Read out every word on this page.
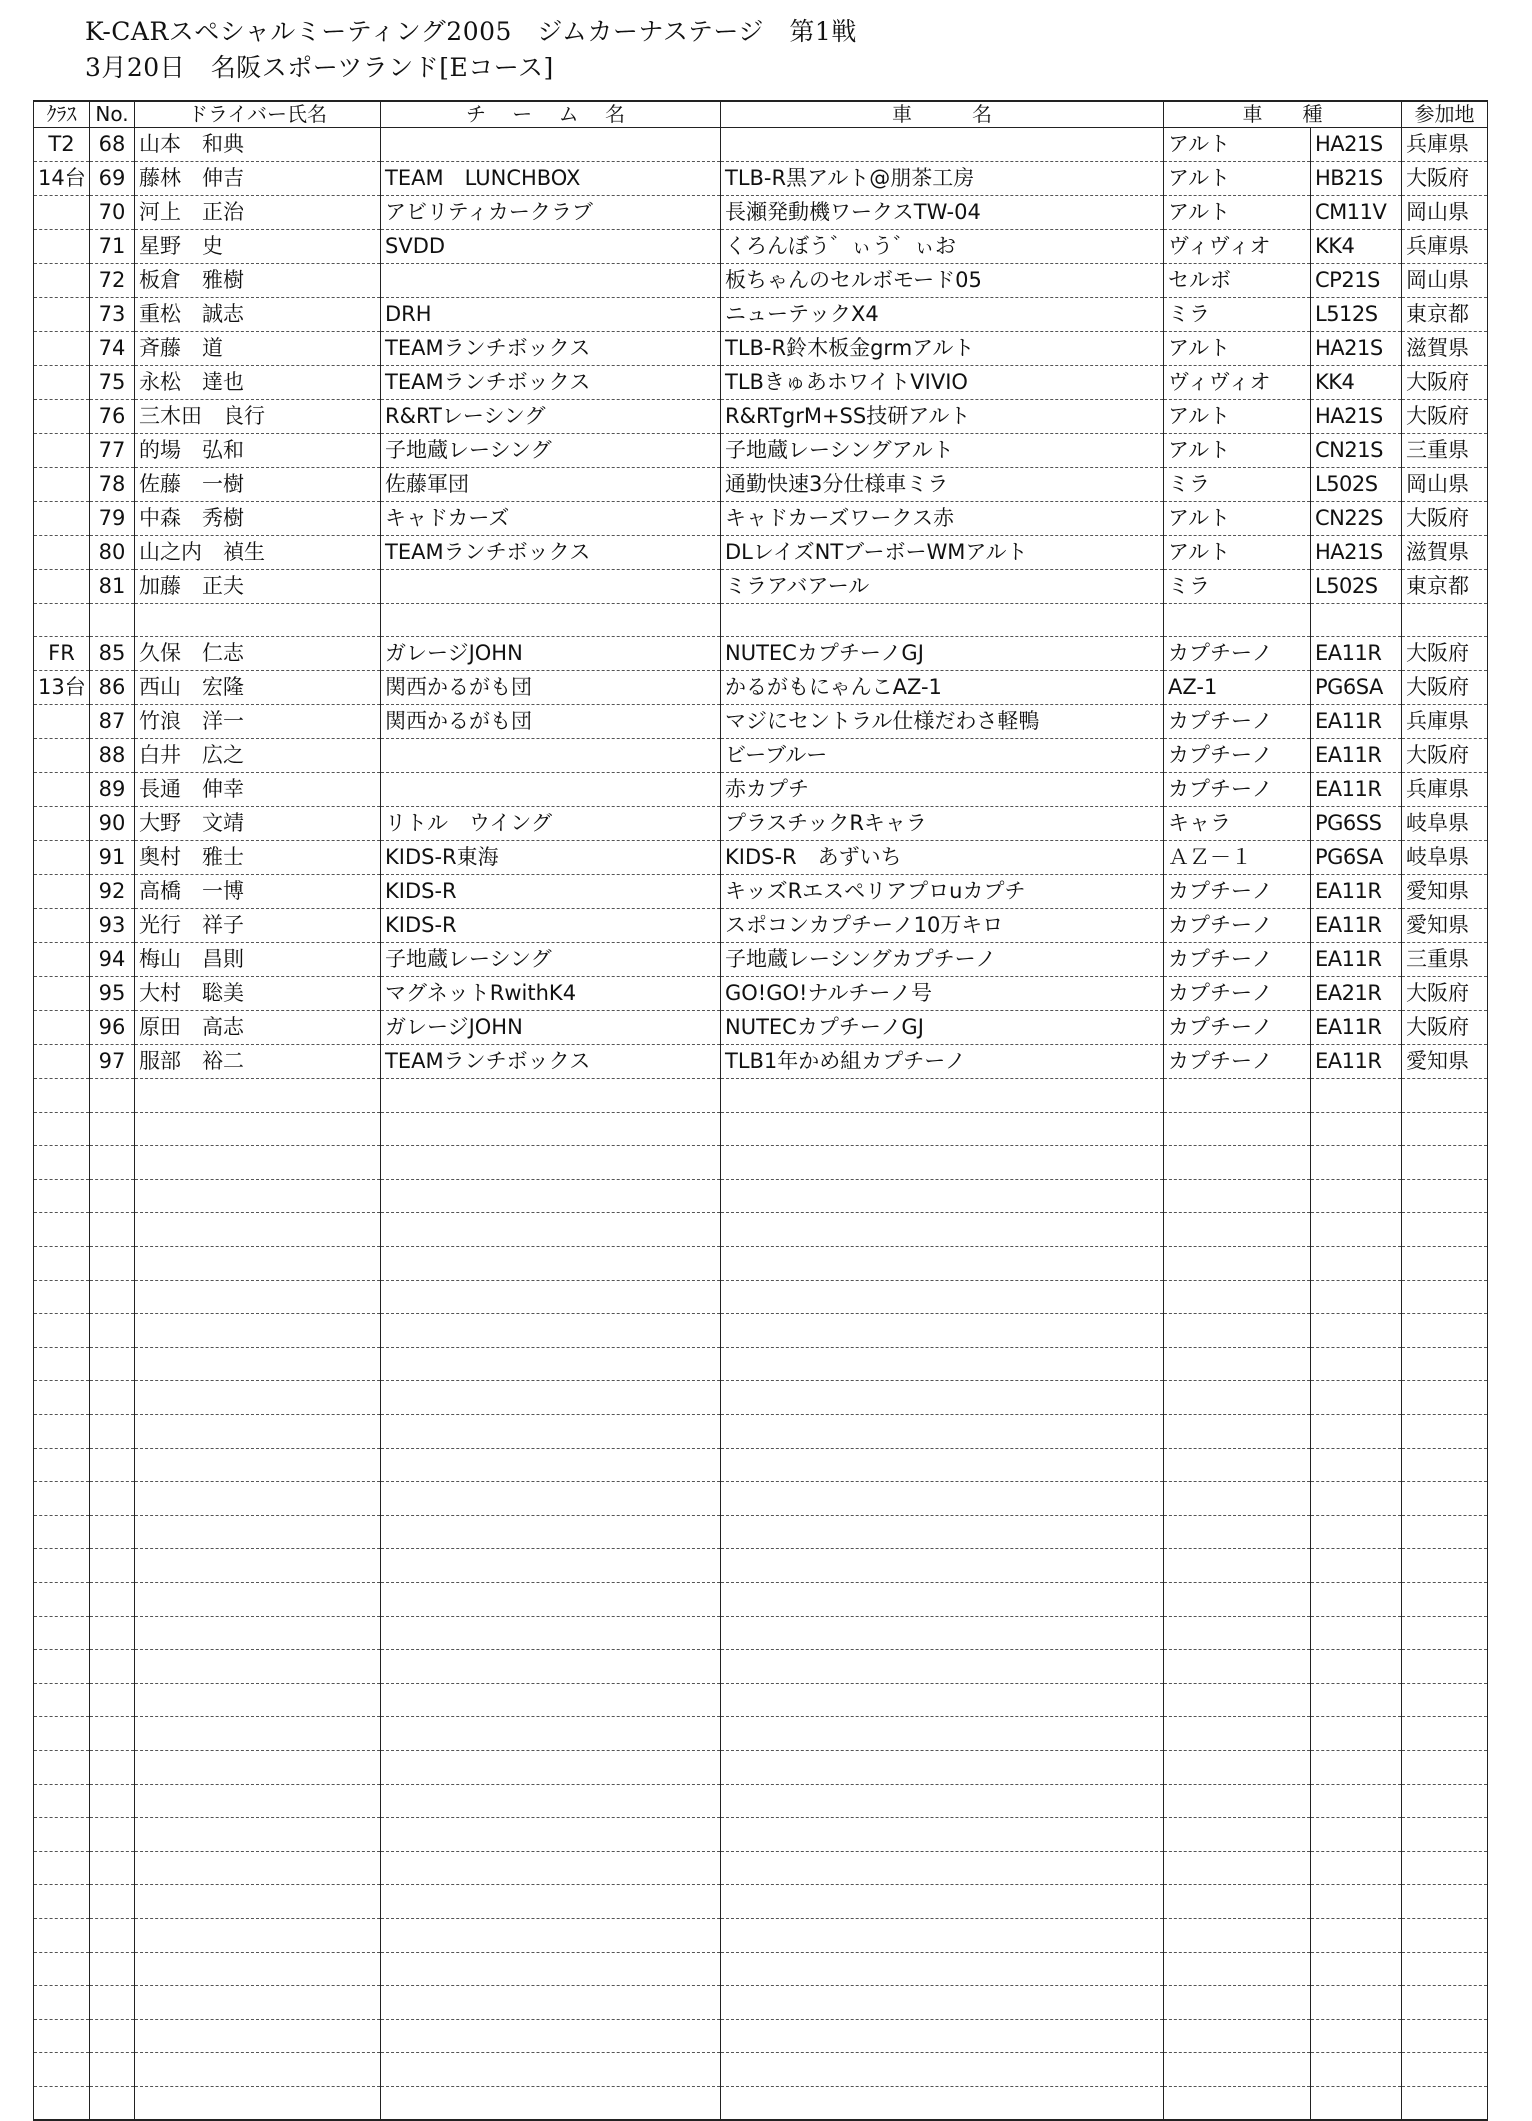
K-CARスペシャルミーティング2005　ジムカーナステージ　第1戦
3月20日　名阪スポーツランド[Eコース]
ｸﾗｽ	No.	ドライバー氏名	チ ー ム 名	車　　　名	車　　種		参加地
T2	68	山本　和典			アルト	HA21S	兵庫県
14台	69	藤林　伸吉	TEAM　LUNCHBOX	TLB-R黒アルト@朋茶工房	アルト	HB21S	大阪府
	70	河上　正治	アビリティカークラブ	長瀬発動機ワークスTW-04	アルト	CM11V	岡山県
	71	星野　史	SVDD	くろんぼう゛ぃう゛ぃお	ヴィヴィオ	KK4	兵庫県
	72	板倉　雅樹		板ちゃんのセルボモード05	セルボ	CP21S	岡山県
	73	重松　誠志	DRH	ニューテックX4	ミラ	L512S	東京都
	74	斉藤　道	TEAMランチボックス	TLB-R鈴木板金grmアルト	アルト	HA21S	滋賀県
	75	永松　達也	TEAMランチボックス	TLBきゅあホワイトVIVIO	ヴィヴィオ	KK4	大阪府
	76	三木田　良行	R&RTレーシング	R&RTgrM+SS技研アルト	アルト	HA21S	大阪府
	77	的場　弘和	子地蔵レーシング	子地蔵レーシングアルト	アルト	CN21S	三重県
	78	佐藤　一樹	佐藤軍団	通勤快速3分仕様車ミラ	ミラ	L502S	岡山県
	79	中森　秀樹	キャドカーズ	キャドカーズワークス赤	アルト	CN22S	大阪府
	80	山之内　禎生	TEAMランチボックス	DLレイズNTブーボーWMアルト	アルト	HA21S	滋賀県
	81	加藤　正夫		ミラアバアール	ミラ	L502S	東京都

FR	85	久保　仁志	ガレージJOHN	NUTECカプチーノGJ	カプチーノ	EA11R	大阪府
13台	86	西山　宏隆	関西かるがも団	かるがもにゃんこAZ-1	AZ-1	PG6SA	大阪府
	87	竹浪　洋一	関西かるがも団	マジにセントラル仕様だわさ軽鴨	カプチーノ	EA11R	兵庫県
	88	白井　広之		ビーブルー	カプチーノ	EA11R	大阪府
	89	長通　伸幸		赤カプチ	カプチーノ	EA11R	兵庫県
	90	大野　文靖	リトル　ウイング	プラスチックRキャラ	キャラ	PG6SS	岐阜県
	91	奥村　雅士	KIDS-R東海	KIDS-R　あずいち	ＡＺ－１	PG6SA	岐阜県
	92	高橋　一博	KIDS-R	キッズRエスペリアプロuカプチ	カプチーノ	EA11R	愛知県
	93	光行　祥子	KIDS-R	スポコンカプチーノ10万キロ	カプチーノ	EA11R	愛知県
	94	梅山　昌則	子地蔵レーシング	子地蔵レーシングカプチーノ	カプチーノ	EA11R	三重県
	95	大村　聡美	マグネットRwithK4	GO!GO!ナルチーノ号	カプチーノ	EA21R	大阪府
	96	原田　高志	ガレージJOHN	NUTECカプチーノGJ	カプチーノ	EA11R	大阪府
	97	服部　裕二	TEAMランチボックス	TLB1年かめ組カプチーノ	カプチーノ	EA11R	愛知県
